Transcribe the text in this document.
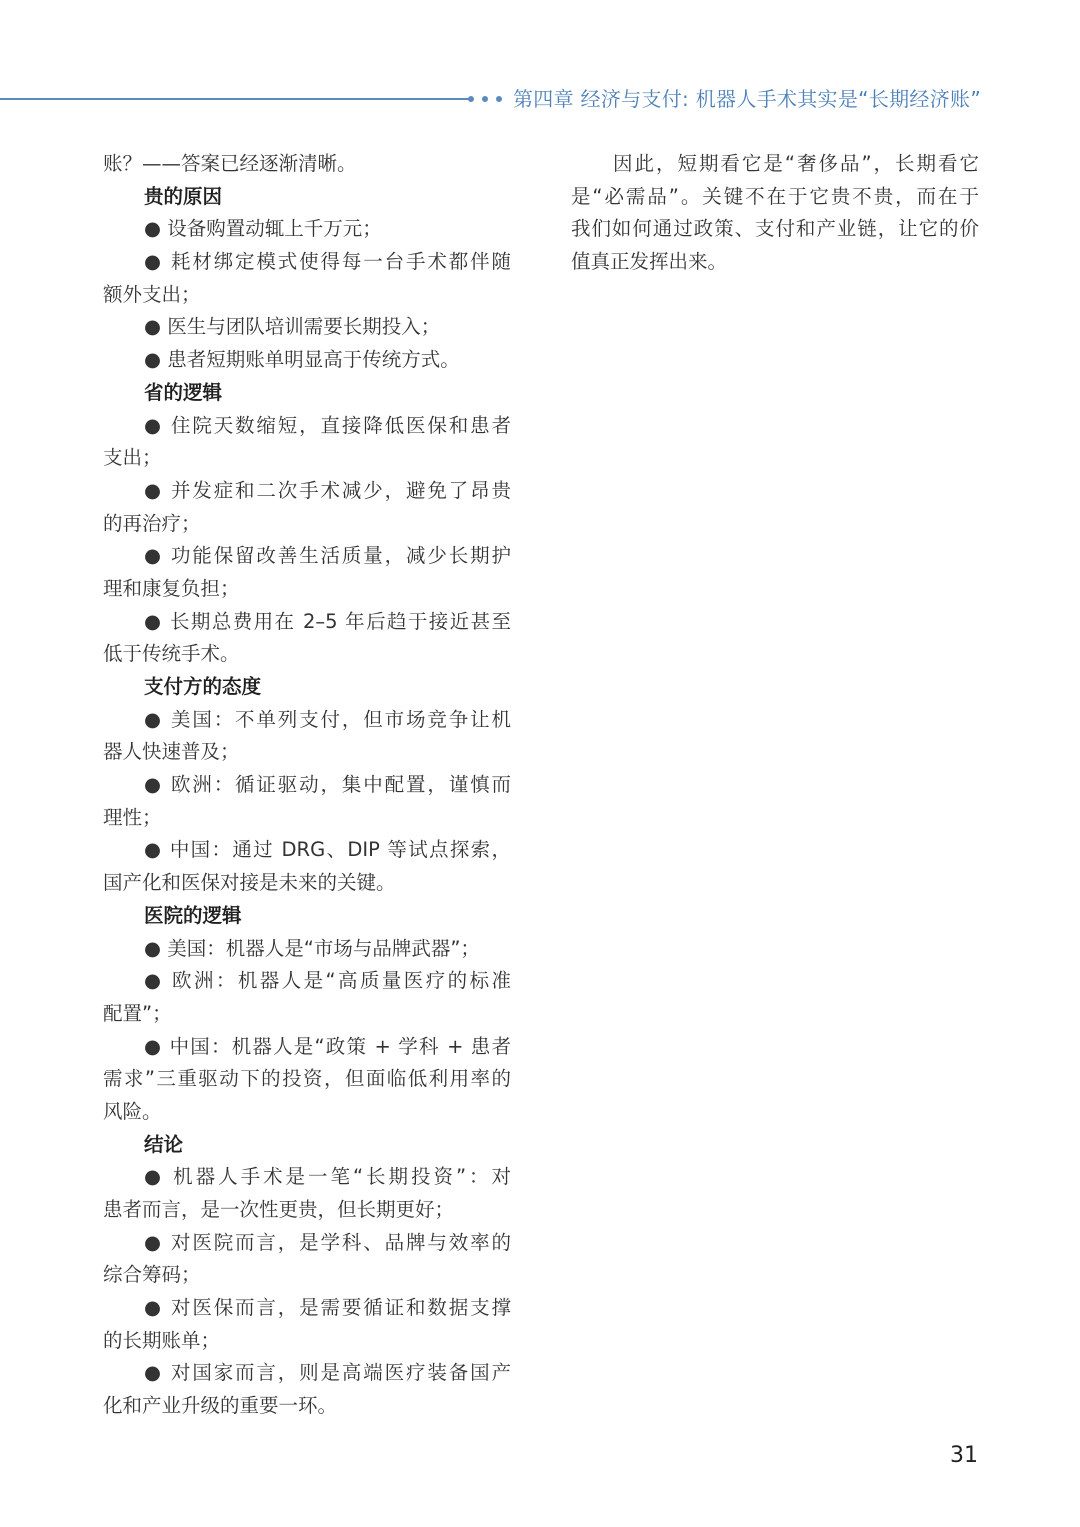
第四章 经济与支付: 机器人手术其实是“长期经济账”
账？——答案已经逐渐清晰。
贵的原因
● 设备购置动辄上千万元；
● 耗材绑定模式使得每一台手术都伴随
额外支出；
● 医生与团队培训需要长期投入；
● 患者短期账单明显高于传统方式。
省的逻辑
● 住院天数缩短，直接降低医保和患者
支出；
● 并发症和二次手术减少，避免了昂贵
的再治疗；
● 功能保留改善生活质量，减少长期护
理和康复负担；
● 长期总费用在 2–5 年后趋于接近甚至
低于传统手术。
支付方的态度
● 美国：不单列支付，但市场竞争让机
器人快速普及；
● 欧洲：循证驱动，集中配置，谨慎而
理性；
● 中国：通过 DRG、DIP 等试点探索，
国产化和医保对接是未来的关键。
医院的逻辑
● 美国：机器人是“市场与品牌武器”；
● 欧洲：机器人是“高质量医疗的标准
配置”；
● 中国：机器人是“政策 + 学科 + 患者
需求”三重驱动下的投资，但面临低利用率的
风险。
结论
● 机器人手术是一笔“长期投资”：对
患者而言，是一次性更贵，但长期更好；
● 对医院而言，是学科、品牌与效率的
综合筹码；
● 对医保而言，是需要循证和数据支撑
的长期账单；
● 对国家而言，则是高端医疗装备国产
化和产业升级的重要一环。
因此，短期看它是“奢侈品”，长期看它
是“必需品”。关键不在于它贵不贵，而在于
我们如何通过政策、支付和产业链，让它的价
值真正发挥出来。
31
